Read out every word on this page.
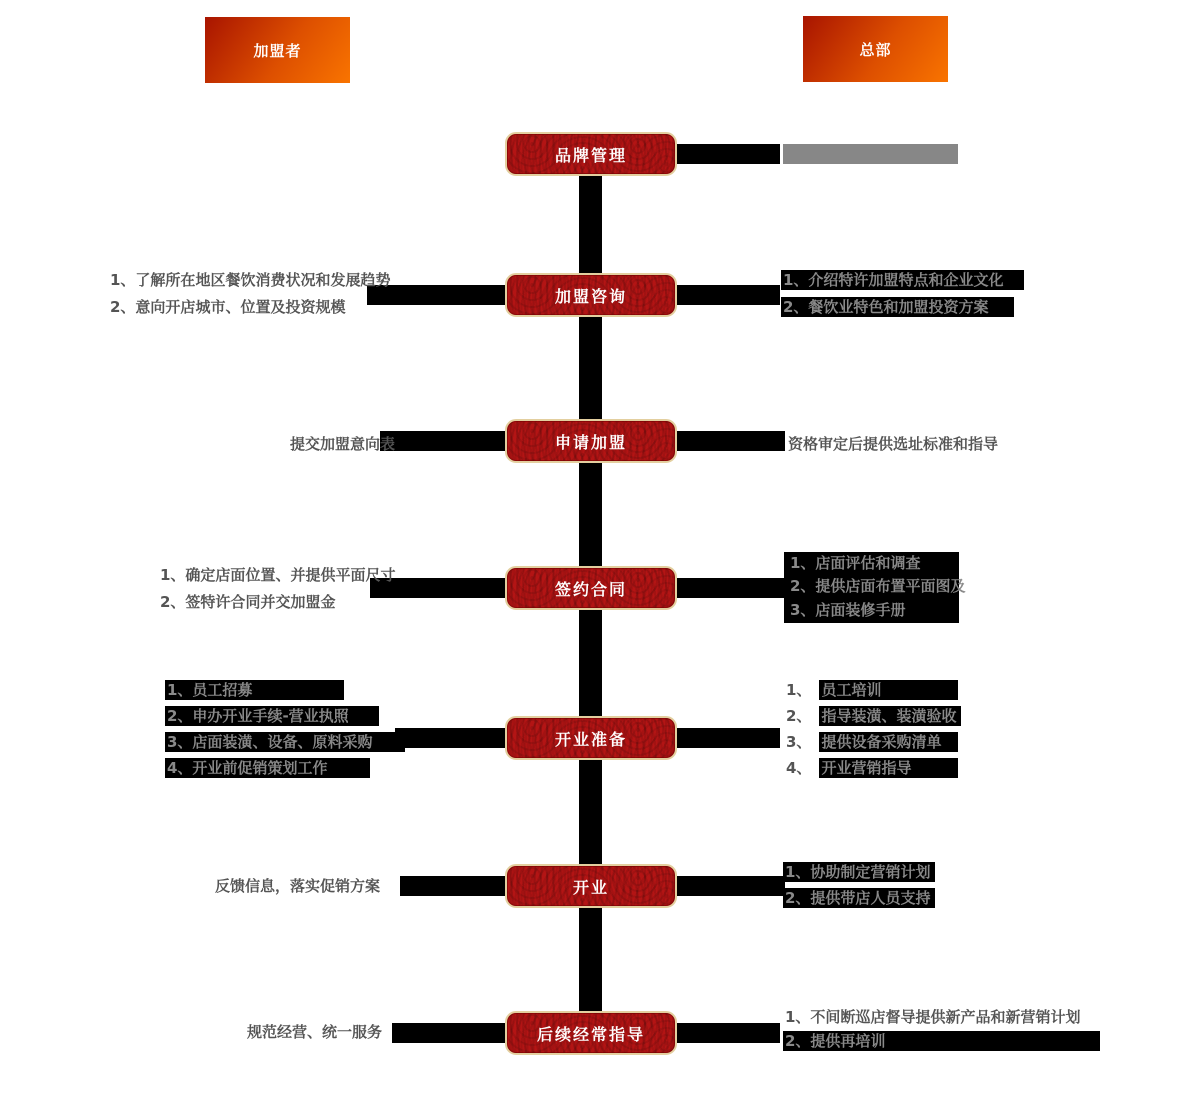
加盟者	总部
品牌管理
1、了解所在地区餐饮消费状况和发展趋势
2、意向开店城市、位置及投资规模
1、介绍特许加盟特点和企业文化
2、餐饮业特色和加盟投资方案
加盟咨询
提交加盟意向表	资格审定后提供选址标准和指导
申请加盟
1、确定店面位置、并提供平面尺寸
2、签特许合同并交加盟金
1、店面评估和调查
2、提供店面布置平面图及
3、店面装修手册
签约合同
1、员工招募
2、申办开业手续-营业执照
3、店面装潢、设备、原料采购
4、开业前促销策划工作
1、 员工培训
2、 指导装潢、装潢验收
3、 提供设备采购清单
4、 开业营销指导
开业准备
反馈信息，落实促销方案
1、协助制定营销计划
2、提供带店人员支持
开业
规范经营、统一服务
1、不间断巡店督导提供新产品和新营销计划
2、提供再培训
后续经常指导
